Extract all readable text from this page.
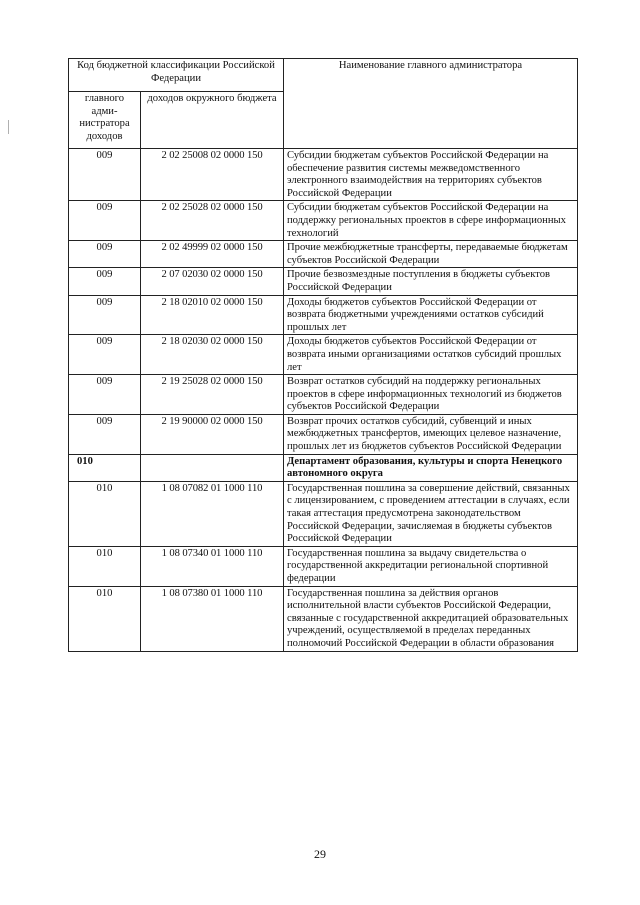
Код бюджетной классификации Российской Федерации		Наименование главного администратора
главного адми-нистратора доходов	доходов окружного бюджета	
009	2 02 25008 02 0000 150	Субсидии бюджетам субъектов Российской Федерации на обеспечение развития системы межведомственного электронного взаимодействия на территориях субъектов Российской Федерации
009	2 02 25028 02 0000 150	Субсидии бюджетам субъектов Российской Федерации на поддержку региональных проектов в сфере информационных технологий
009	2 02 49999 02 0000 150	Прочие межбюджетные трансферты, передаваемые бюджетам субъектов Российской Федерации
009	2 07 02030 02 0000 150	Прочие безвозмездные поступления в бюджеты субъектов Российской Федерации
009	2 18 02010 02 0000 150	Доходы бюджетов субъектов Российской Федерации от возврата бюджетными учреждениями остатков субсидий прошлых лет
009	2 18 02030 02 0000 150	Доходы бюджетов субъектов Российской Федерации от возврата иными организациями остатков субсидий прошлых лет
009	2 19 25028 02 0000 150	Возврат остатков субсидий на поддержку региональных проектов в сфере информационных технологий из бюджетов субъектов Российской Федерации
009	2 19 90000 02 0000 150	Возврат прочих остатков субсидий, субвенций и иных межбюджетных трансфертов, имеющих целевое назначение, прошлых лет из бюджетов субъектов Российской Федерации
010		Департамент образования, культуры и спорта Ненецкого автономного округа
010	1 08 07082 01 1000 110	Государственная пошлина за совершение действий, связанных с лицензированием, с проведением аттестации в случаях, если такая аттестация предусмотрена законодательством Российской Федерации, зачисляемая в бюджеты субъектов Российской Федерации
010	1 08 07340 01 1000 110	Государственная пошлина за выдачу свидетельства о государственной аккредитации региональной спортивной федерации
010	1 08 07380 01 1000 110	Государственная пошлина за действия органов исполнительной власти субъектов Российской Федерации, связанные с государственной аккредитацией образовательных учреждений, осуществляемой в пределах переданных полномочий Российской Федерации в области образования
29
